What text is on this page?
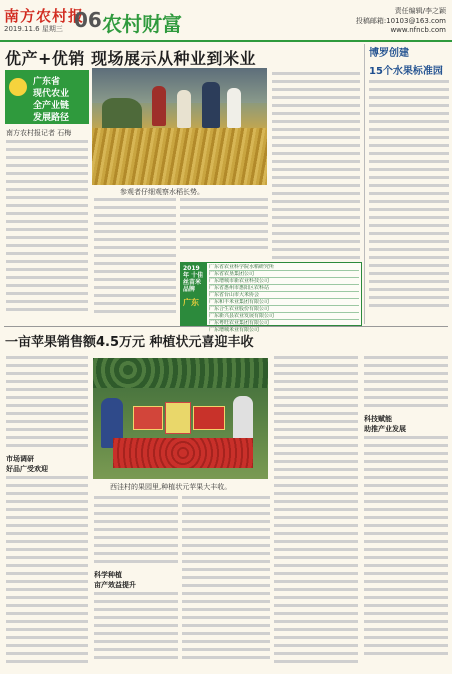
南方农村报
2019.11.6 星期三 06 农村财富
责任编辑/李之颖
投稿邮箱:10103@163.com
www.nfncb.com
优产+优销 现场展示从种业到米业
参观者仔细观察水稻长势。
广东省
现代农业
全产业链
发展路径
南方农村报记者 石梅
2019年 十佳丝苗米品牌
广东
广东省农业科学院水稻研究所
广东省农垦集团公司
广东增城市新农业科技公司
广东省惠州市惠阳区农科站
广东省台山市大米协会
广东和丰米业集团有限公司
广东合生农业股份有限公司
广东新兴县农业发展有限公司
广东粤旺农业集团有限公司
广东增城米业有限公司
博罗创建
15个水果标准园
一亩苹果销售额4.5万元 种植状元喜迎丰收
西洼村的果园里,种植状元苹果大丰收。
市场调研
好品广受欢迎
科学种植
亩产效益提升
科技赋能
助推产业发展
